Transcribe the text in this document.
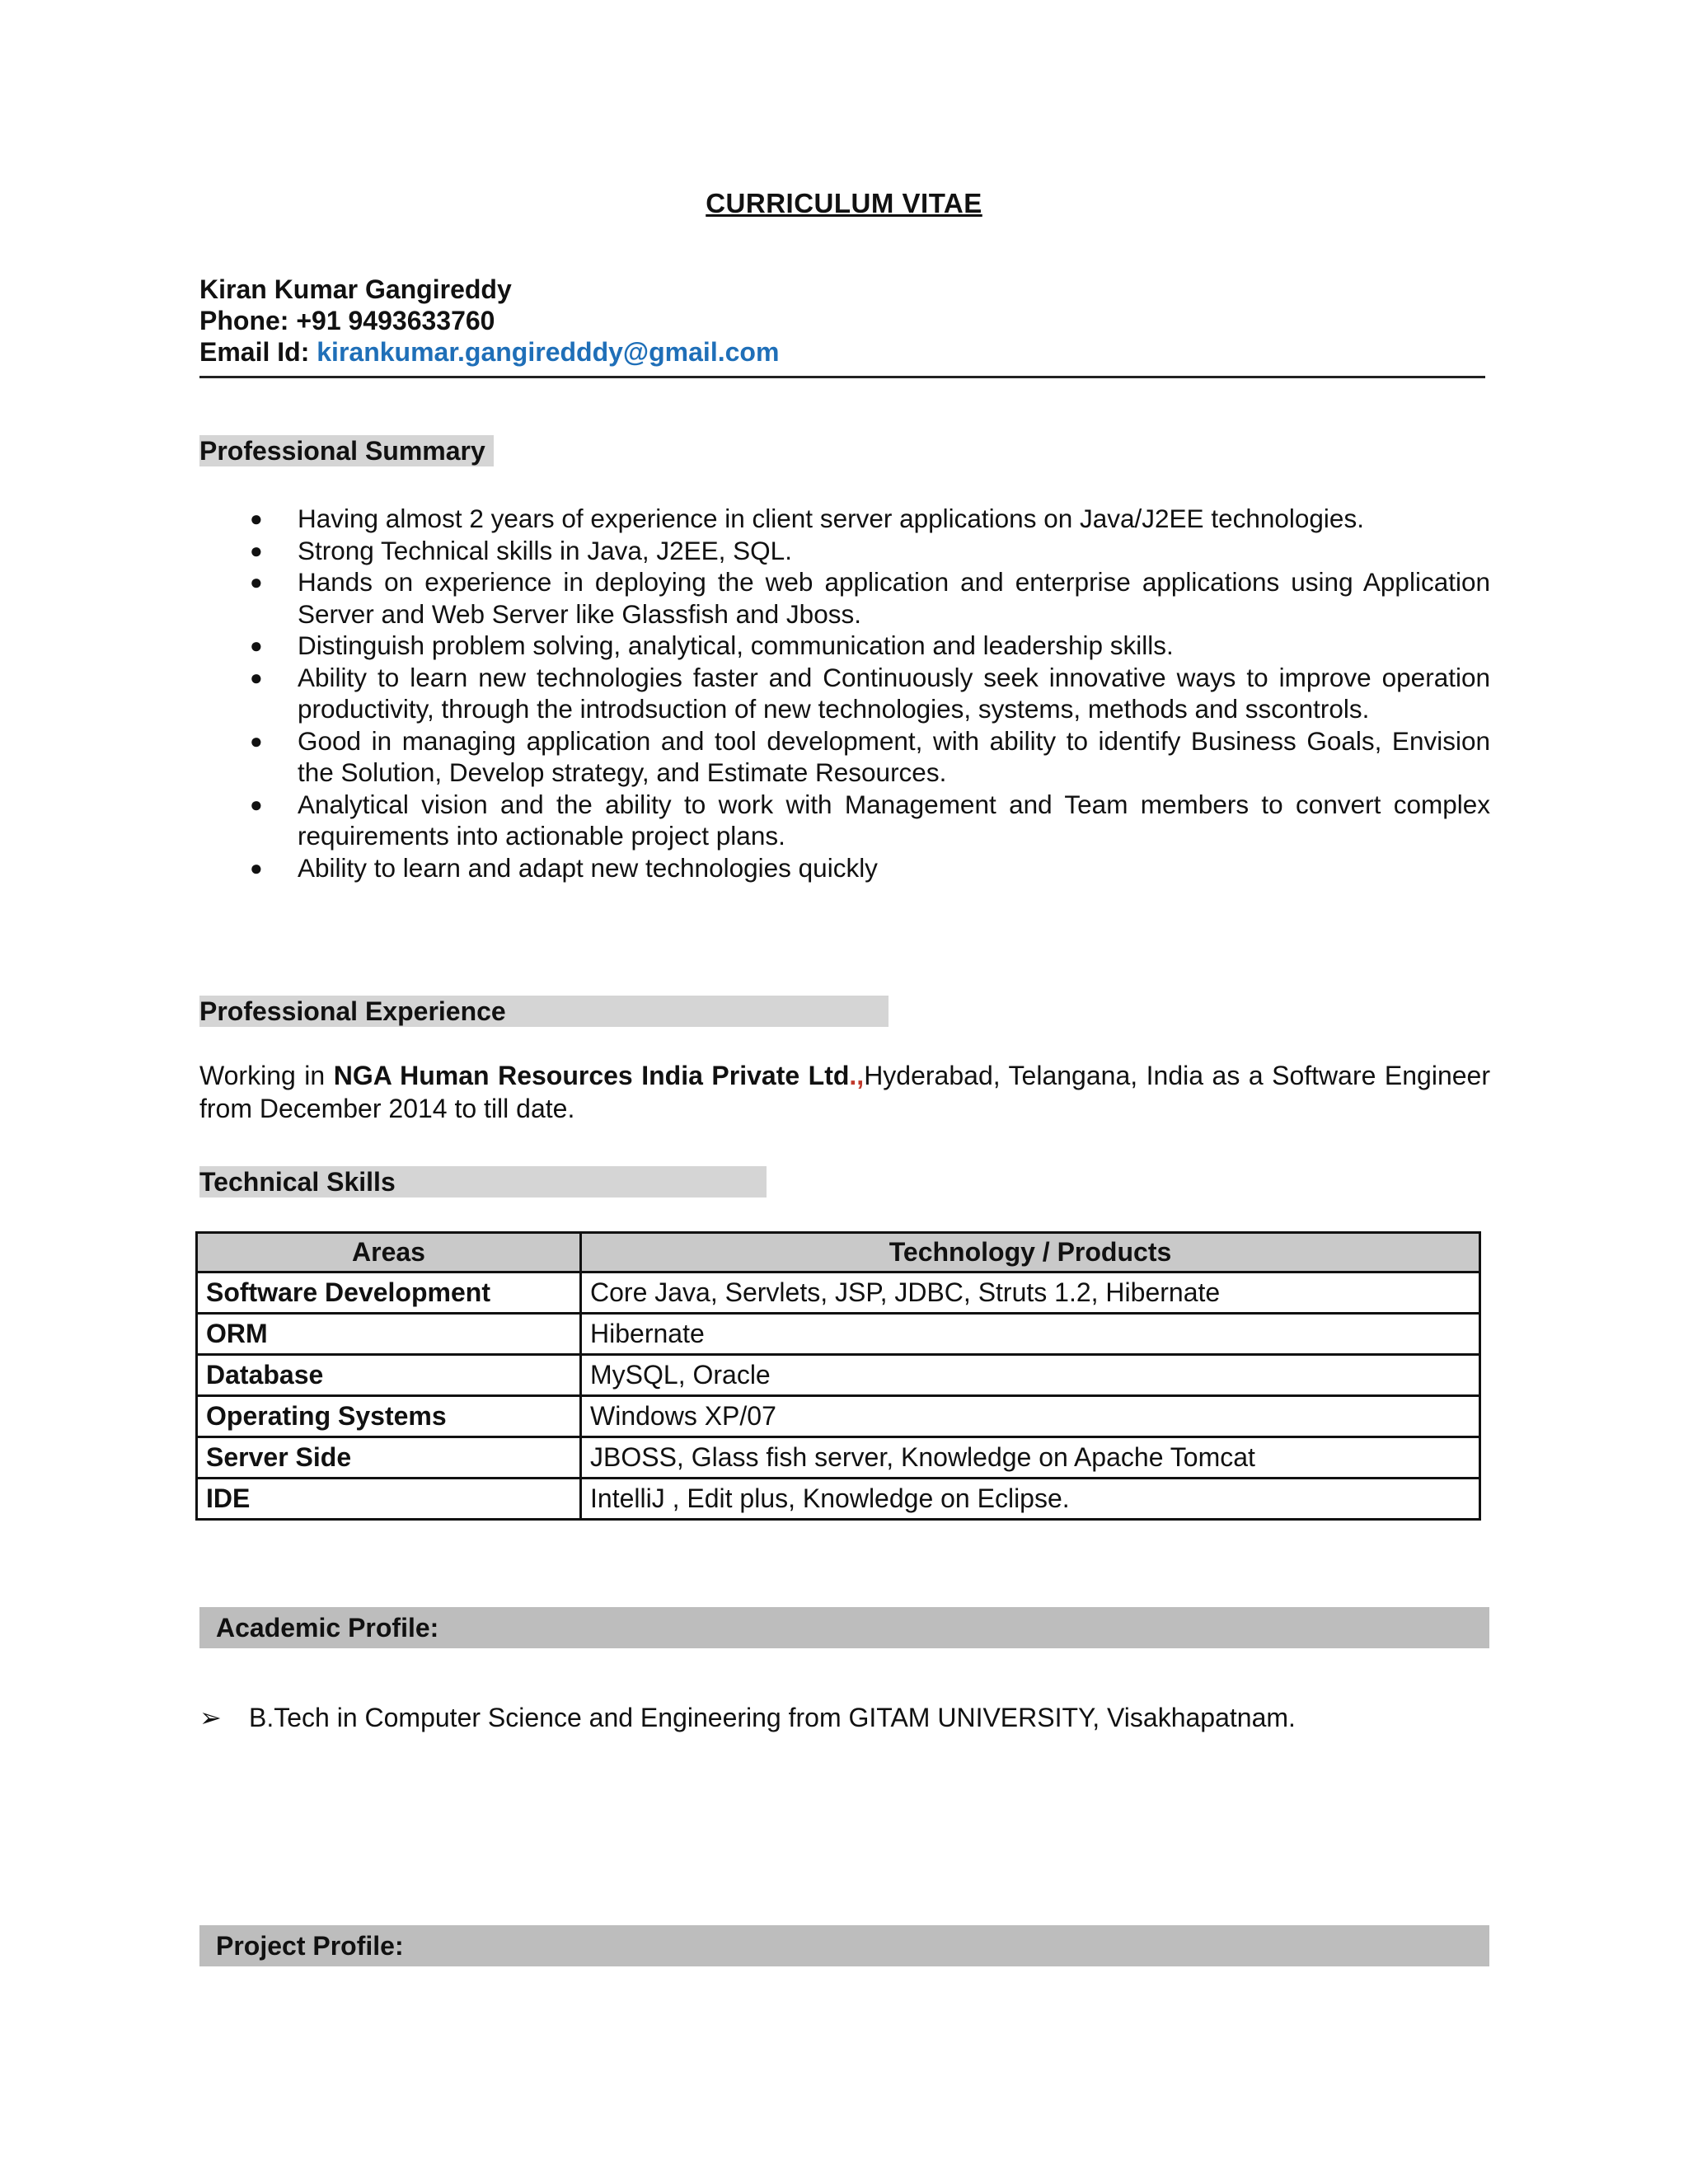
CURRICULUM VITAE
Kiran Kumar Gangireddy
Phone: +91 9493633760
Email Id: kirankumar.gangiredddy@gmail.com
Professional Summary
● Having almost 2 years of experience in client server applications on Java/J2EE technologies.
● Strong Technical skills in Java, J2EE, SQL.
● Hands on experience in deploying the web application and enterprise applications using Application Server and Web Server like Glassfish and Jboss.
● Distinguish problem solving, analytical, communication and leadership skills.
● Ability to learn new technologies faster and Continuously seek innovative ways to improve operation productivity, through the introdsuction of new technologies, systems, methods and sscontrols.
● Good in managing application and tool development, with ability to identify Business Goals, Envision the Solution, Develop strategy, and Estimate Resources.
● Analytical vision and the ability to work with Management and Team members to convert complex requirements into actionable project plans.
● Ability to learn and adapt new technologies quickly
Professional Experience
Working in NGA Human Resources India Private Ltd.,Hyderabad, Telangana, India as a Software Engineer from December 2014 to till date.
Technical Skills
Areas	Technology / Products
Software Development	Core Java, Servlets, JSP, JDBC, Struts 1.2, Hibernate
ORM	Hibernate
Database	MySQL, Oracle
Operating Systems	Windows XP/07
Server Side	JBOSS, Glass fish server, Knowledge on Apache Tomcat
IDE	IntelliJ , Edit plus, Knowledge on Eclipse.
Academic Profile:
➢ B.Tech in Computer Science and Engineering from GITAM UNIVERSITY, Visakhapatnam.
Project Profile:
